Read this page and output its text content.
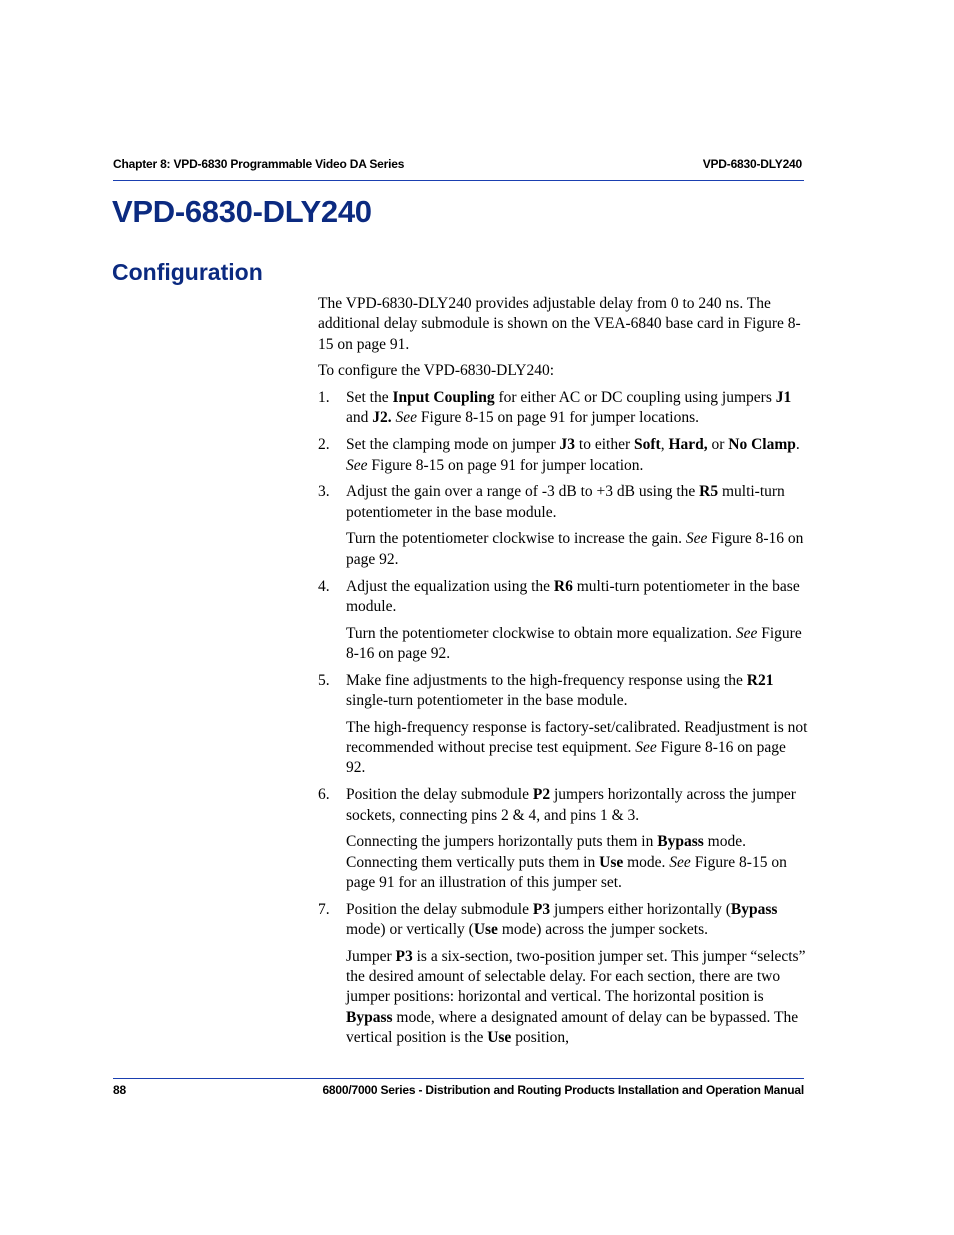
Chapter 8: VPD-6830 Programmable Video DA Series	VPD-6830-DLY240
VPD-6830-DLY240
Configuration

The VPD-6830-DLY240 provides adjustable delay from 0 to 240 ns. The additional delay submodule is shown on the VEA-6840 base card in Figure 8-15 on page 91.

To configure the VPD-6830-DLY240:

1. Set the Input Coupling for either AC or DC coupling using jumpers J1 and J2. See Figure 8-15 on page 91 for jumper locations.
2. Set the clamping mode on jumper J3 to either Soft, Hard, or No Clamp. See Figure 8-15 on page 91 for jumper location.
3. Adjust the gain over a range of -3 dB to +3 dB using the R5 multi-turn potentiometer in the base module.
Turn the potentiometer clockwise to increase the gain. See Figure 8-16 on page 92.
4. Adjust the equalization using the R6 multi-turn potentiometer in the base module.
Turn the potentiometer clockwise to obtain more equalization. See Figure 8-16 on page 92.
5. Make fine adjustments to the high-frequency response using the R21 single-turn potentiometer in the base module.
The high-frequency response is factory-set/calibrated. Readjustment is not recommended without precise test equipment. See Figure 8-16 on page 92.
6. Position the delay submodule P2 jumpers horizontally across the jumper sockets, connecting pins 2 & 4, and pins 1 & 3.
Connecting the jumpers horizontally puts them in Bypass mode. Connecting them vertically puts them in Use mode. See Figure 8-15 on page 91 for an illustration of this jumper set.
7. Position the delay submodule P3 jumpers either horizontally (Bypass mode) or vertically (Use mode) across the jumper sockets.
Jumper P3 is a six-section, two-position jumper set. This jumper “selects” the desired amount of selectable delay. For each section, there are two jumper positions: horizontal and vertical. The horizontal position is Bypass mode, where a designated amount of delay can be bypassed. The vertical position is the Use position,
88	6800/7000 Series - Distribution and Routing Products Installation and Operation Manual
